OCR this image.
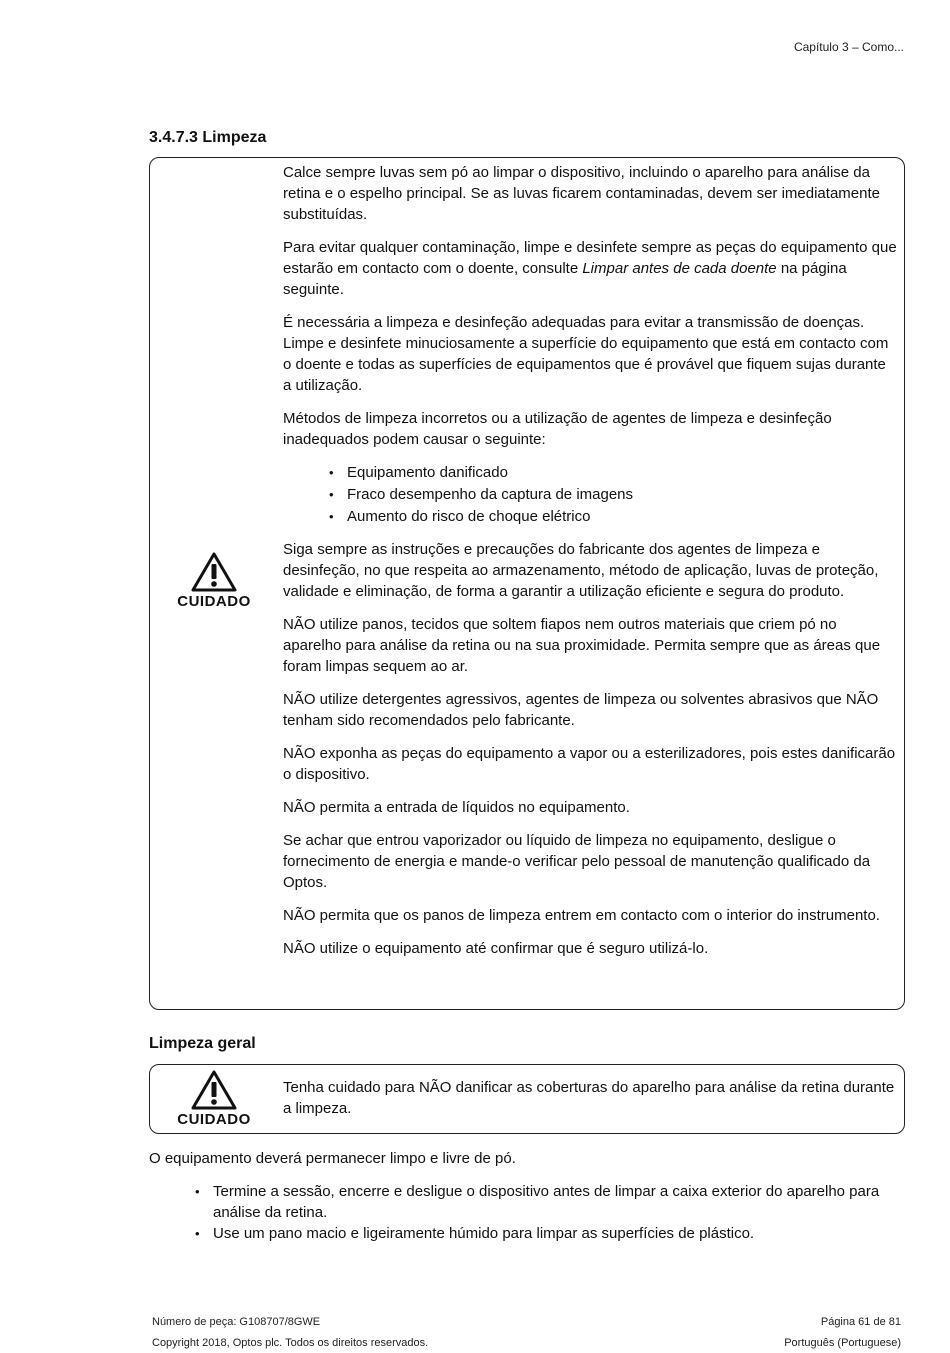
Capítulo 3 – Como...
3.4.7.3 Limpeza
CUIDADO

Calce sempre luvas sem pó ao limpar o dispositivo, incluindo o aparelho para análise da retina e o espelho principal. Se as luvas ficarem contaminadas, devem ser imediatamente substituídas.

Para evitar qualquer contaminação, limpe e desinfete sempre as peças do equipamento que estarão em contacto com o doente, consulte Limpar antes de cada doente na página seguinte.

É necessária a limpeza e desinfeção adequadas para evitar a transmissão de doenças. Limpe e desinfete minuciosamente a superfície do equipamento que está em contacto com o doente e todas as superfícies de equipamentos que é provável que fiquem sujas durante a utilização.

Métodos de limpeza incorretos ou a utilização de agentes de limpeza e desinfeção inadequados podem causar o seguinte:

• Equipamento danificado
• Fraco desempenho da captura de imagens
• Aumento do risco de choque elétrico

Siga sempre as instruções e precauções do fabricante dos agentes de limpeza e desinfeção, no que respeita ao armazenamento, método de aplicação, luvas de proteção, validade e eliminação, de forma a garantir a utilização eficiente e segura do produto.

NÃO utilize panos, tecidos que soltem fiapos nem outros materiais que criem pó no aparelho para análise da retina ou na sua proximidade. Permita sempre que as áreas que foram limpas sequem ao ar.

NÃO utilize detergentes agressivos, agentes de limpeza ou solventes abrasivos que NÃO tenham sido recomendados pelo fabricante.

NÃO exponha as peças do equipamento a vapor ou a esterilizadores, pois estes danificarão o dispositivo.

NÃO permita a entrada de líquidos no equipamento.

Se achar que entrou vaporizador ou líquido de limpeza no equipamento, desligue o fornecimento de energia e mande-o verificar pelo pessoal de manutenção qualificado da Optos.

NÃO permita que os panos de limpeza entrem em contacto com o interior do instrumento.

NÃO utilize o equipamento até confirmar que é seguro utilizá-lo.

Limpeza geral
CUIDADO

Tenha cuidado para NÃO danificar as coberturas do aparelho para análise da retina durante a limpeza.

O equipamento deverá permanecer limpo e livre de pó.
• Termine a sessão, encerre e desligue o dispositivo antes de limpar a caixa exterior do aparelho para análise da retina.
• Use um pano macio e ligeiramente húmido para limpar as superfícies de plástico.
Número de peça: G108707/8GWE
Copyright 2018, Optos plc. Todos os direitos reservados.
Página 61 de 81
Português (Portuguese)
